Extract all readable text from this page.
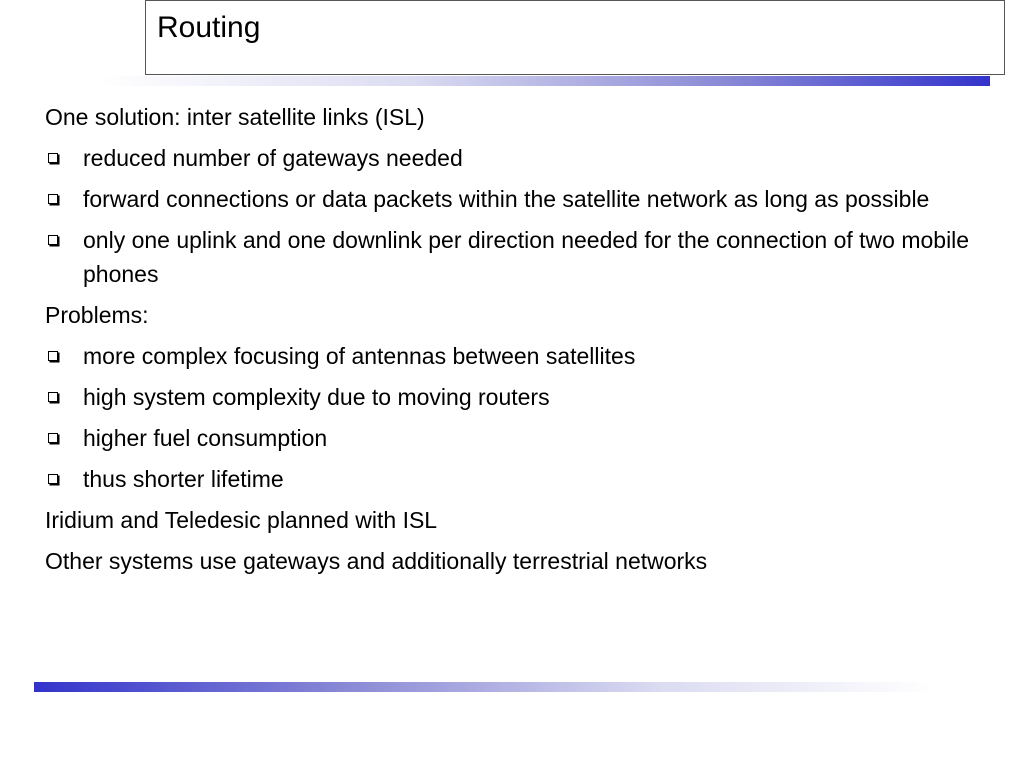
Routing
One solution: inter satellite links (ISL)
reduced number of gateways needed
forward connections or data packets within the satellite network as long as possible
only one uplink and one downlink per direction needed for the connection of two mobile phones
Problems:
more complex focusing of antennas between satellites
high system complexity due to moving routers
higher fuel consumption
thus shorter lifetime
Iridium and Teledesic planned with ISL
Other systems use gateways and additionally terrestrial networks
